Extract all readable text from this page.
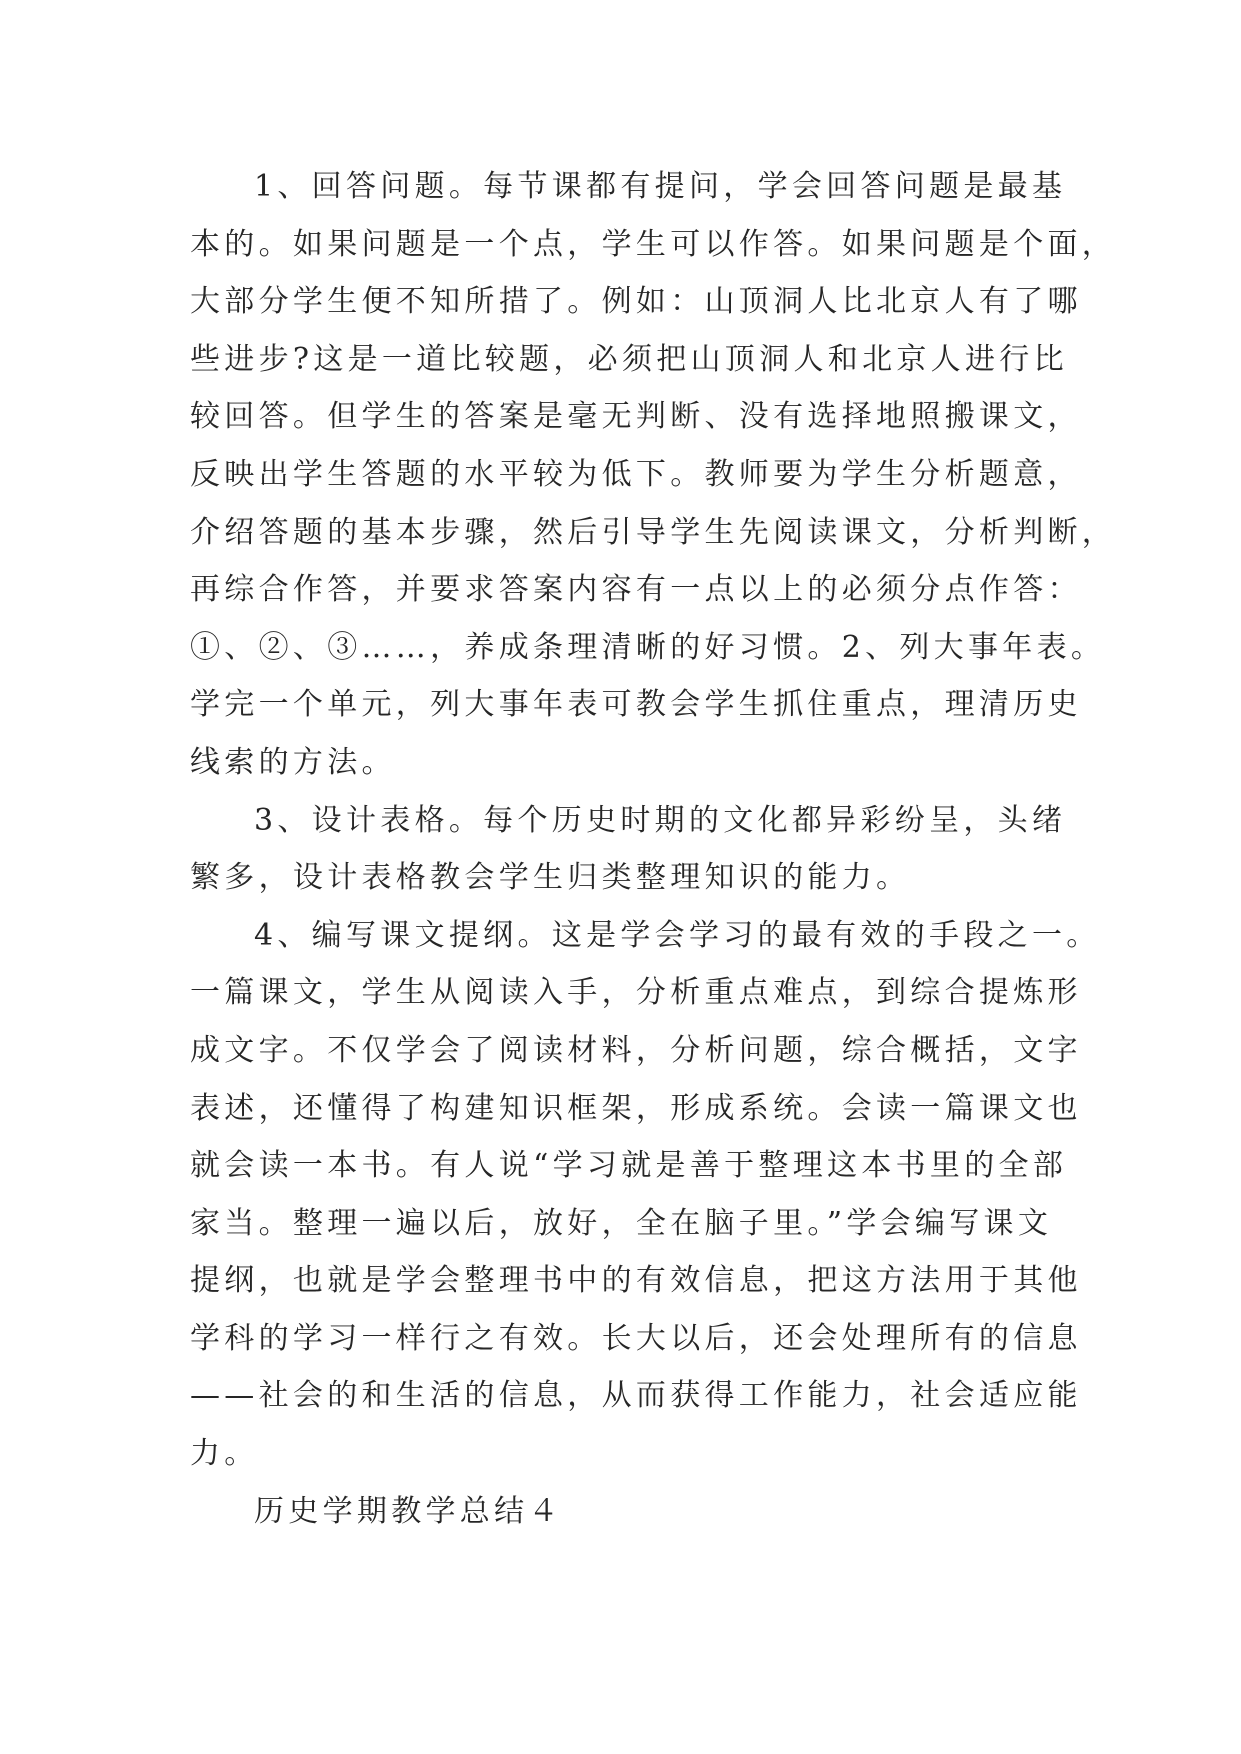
1、回答问题。每节课都有提问，学会回答问题是最基
本的。如果问题是一个点，学生可以作答。如果问题是个面，
大部分学生便不知所措了。例如：山顶洞人比北京人有了哪
些进步?这是一道比较题，必须把山顶洞人和北京人进行比
较回答。但学生的答案是毫无判断、没有选择地照搬课文，
反映出学生答题的水平较为低下。教师要为学生分析题意，
介绍答题的基本步骤，然后引导学生先阅读课文，分析判断，
再综合作答，并要求答案内容有一点以上的必须分点作答：
①、②、③……，养成条理清晰的好习惯。2、列大事年表。
学完一个单元，列大事年表可教会学生抓住重点，理清历史
线索的方法。

3、设计表格。每个历史时期的文化都异彩纷呈，头绪
繁多，设计表格教会学生归类整理知识的能力。

4、编写课文提纲。这是学会学习的最有效的手段之一。
一篇课文，学生从阅读入手，分析重点难点，到综合提炼形
成文字。不仅学会了阅读材料，分析问题，综合概括，文字
表述，还懂得了构建知识框架，形成系统。会读一篇课文也
就会读一本书。有人说“学习就是善于整理这本书里的全部
家当。整理一遍以后，放好，全在脑子里。”学会编写课文
提纲，也就是学会整理书中的有效信息，把这方法用于其他
学科的学习一样行之有效。长大以后，还会处理所有的信息
——社会的和生活的信息，从而获得工作能力，社会适应能
力。

历史学期教学总结４
